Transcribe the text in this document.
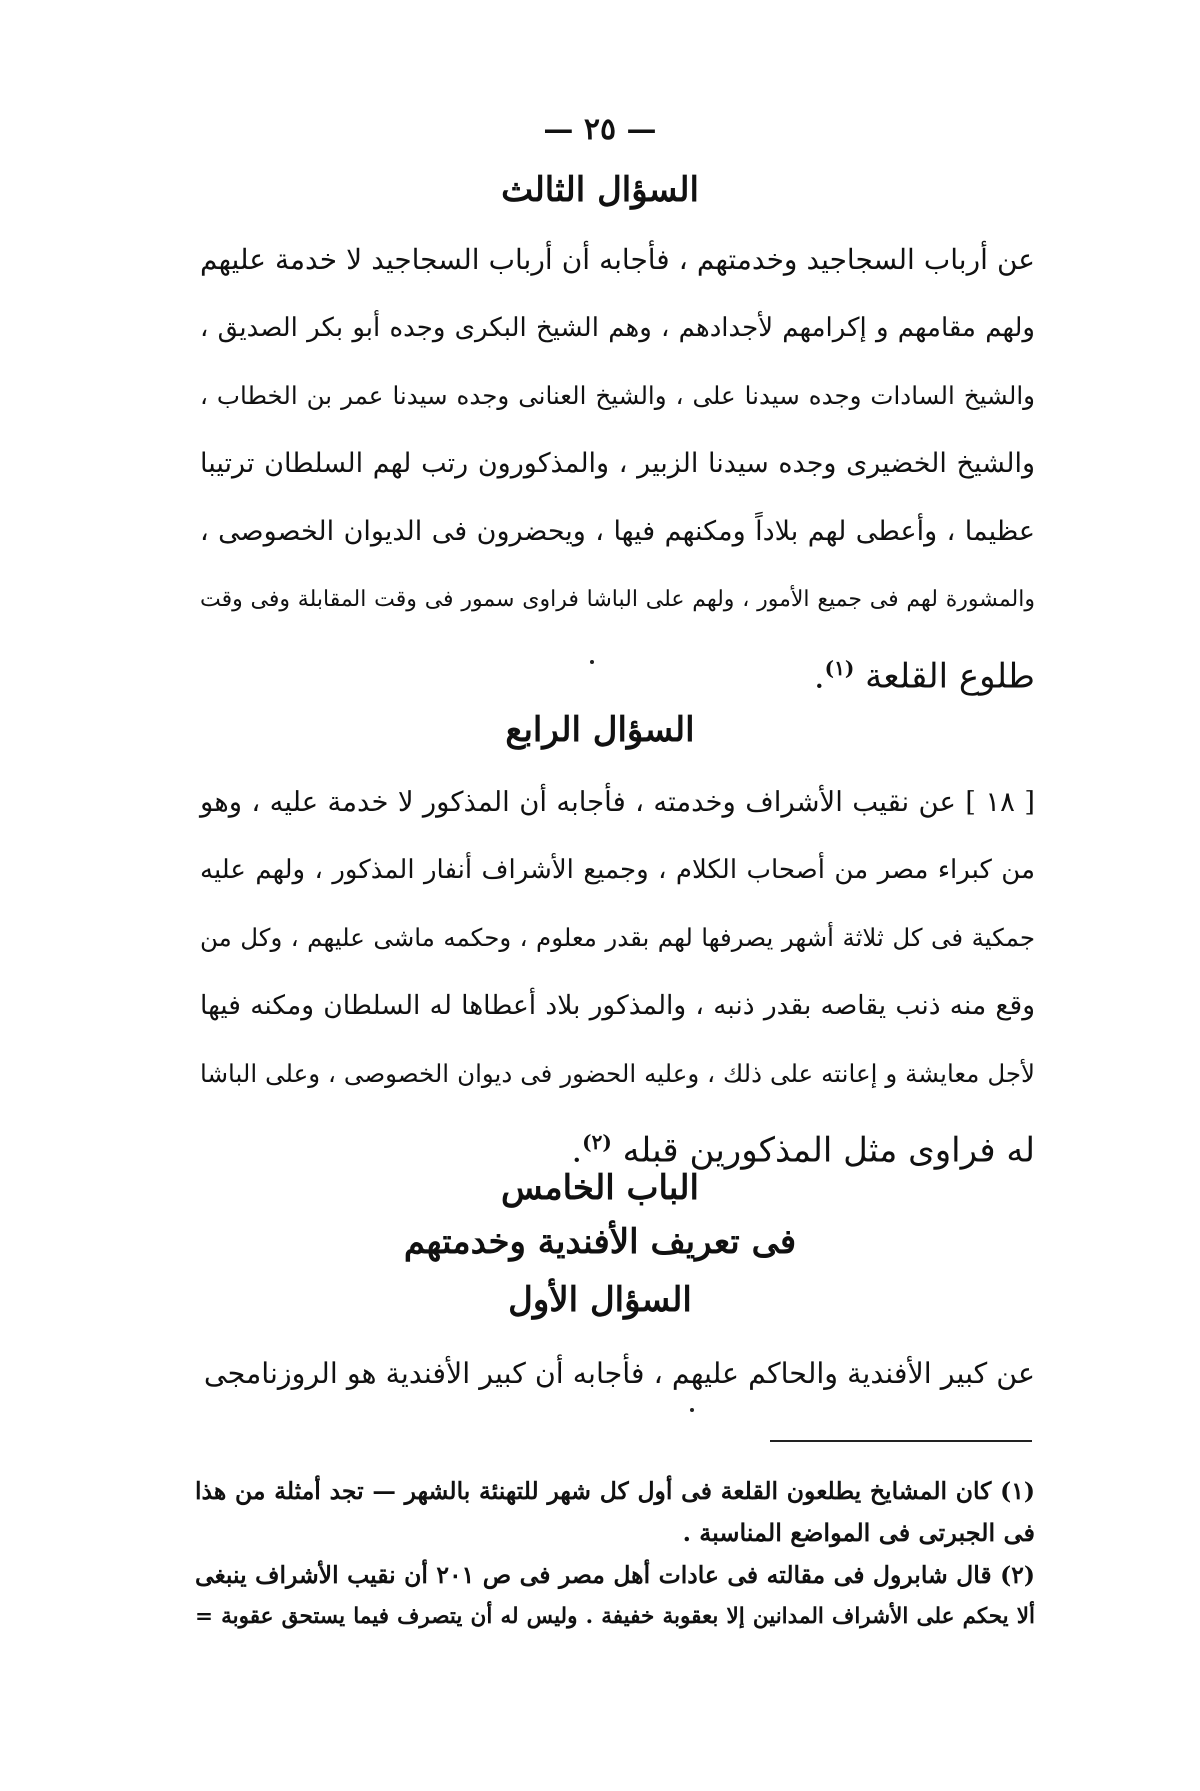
— ٢٥ —
السؤال الثالث
عن أرباب السجاجيد وخدمتهم ، فأجابه أن أرباب السجاجيد لا خدمة عليهم
ولهم مقامهم و إكرامهم لأجدادهم ، وهم الشيخ البكرى وجده أبو بكر الصديق ،
والشيخ السادات وجده سيدنا على ، والشيخ العنانى وجده سيدنا عمر بن الخطاب ،
والشيخ الخضيرى وجده سيدنا الزبير ، والمذكورون رتب لهم السلطان ترتيبا
عظيما ، وأعطى لهم بلاداً ومكنهم فيها ، ويحضرون فى الديوان الخصوصى ،
والمشورة لهم فى جميع الأمور ، ولهم على الباشا فراوى سمور فى وقت المقابلة وفى وقت
طلوع القلعة $^{(١)}$.
السؤال الرابع
[ ١٨ ] عن نقيب الأشراف وخدمته ، فأجابه أن المذكور لا خدمة عليه ، وهو
من كبراء مصر من أصحاب الكلام ، وجميع الأشراف أنفار المذكور ، ولهم عليه
جمكية فى كل ثلاثة أشهر يصرفها لهم بقدر معلوم ، وحكمه ماشى عليهم ، وكل من
وقع منه ذنب يقاصه بقدر ذنبه ، والمذكور بلاد أعطاها له السلطان ومكنه فيها
لأجل معايشة و إعانته على ذلك ، وعليه الحضور فى ديوان الخصوصى ، وعلى الباشا
له فراوى مثل المذكورين قبله $^{(٢)}$.
الباب الخامس
فى تعريف الأفندية وخدمتهم
السؤال الأول
عن كبير الأفندية والحاكم عليهم ، فأجابه أن كبير الأفندية هو الروزنامجى
(١) كان المشايخ يطلعون القلعة فى أول كل شهر للتهنئة بالشهر — تجد أمثلة من هذا
فى الجبرتى فى المواضع المناسبة .
(٢) قال شابرول فى مقالته فى عادات أهل مصر فى ص ٢٠١ أن نقيب الأشراف ينبغى
ألا يحكم على الأشراف المدانين إلا بعقوبة خفيفة . وليس له أن يتصرف فيما يستحق عقوبة =
